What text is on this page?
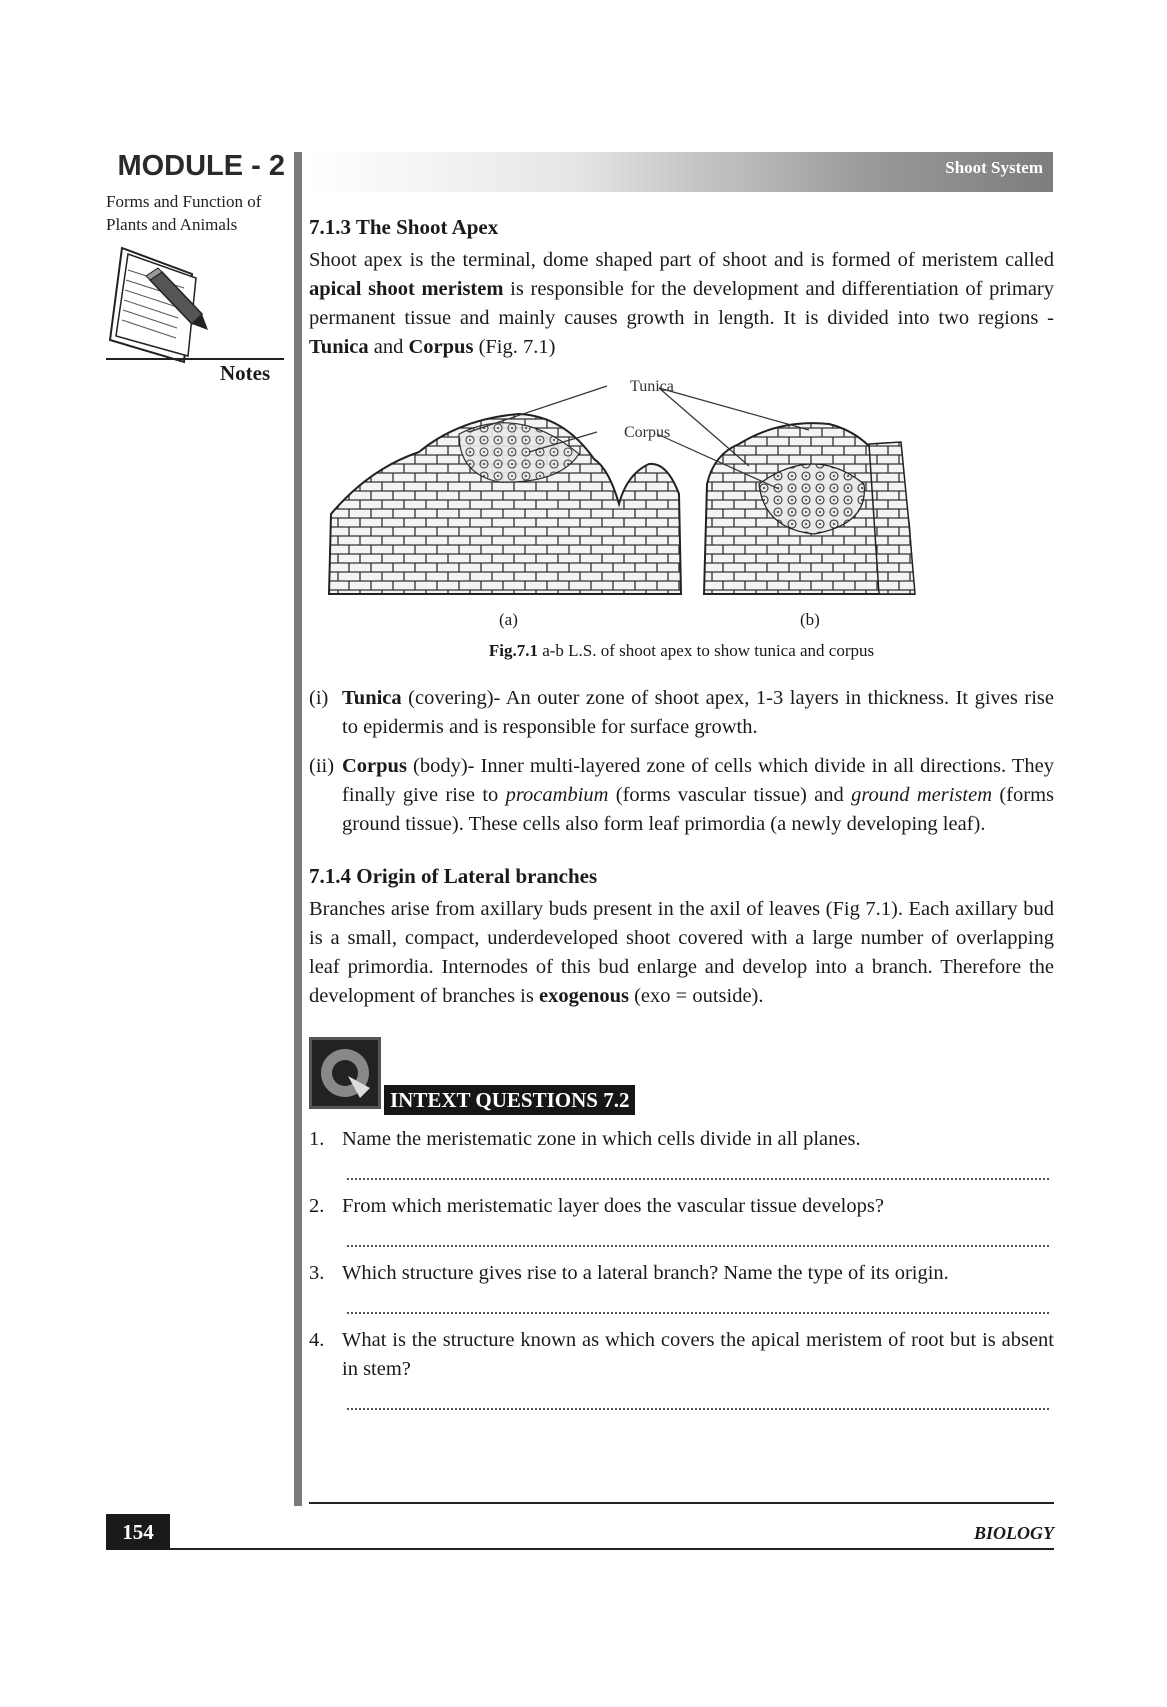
MODULE - 2
Forms and Function of
Plants and Animals
Notes
Shoot System
7.1.3 The Shoot Apex

Shoot apex is the terminal, dome shaped part of shoot and is formed of meristem called apical shoot meristem is responsible for the development and differentiation of primary permanent tissue and mainly causes growth in length. It is divided into two regions - Tunica and Corpus (Fig. 7.1)

Tunica
Corpus
(a)	(b)
Fig.7.1 a-b L.S. of shoot apex to show tunica and corpus
(i) Tunica (covering)- An outer zone of shoot apex, 1-3 layers in thickness. It gives rise to epidermis and is responsible for surface growth.
(ii) Corpus (body)- Inner multi-layered zone of cells which divide in all directions. They finally give rise to procambium (forms vascular tissue) and ground meristem (forms ground tissue). These cells also form leaf primordia (a newly developing leaf).
7.1.4 Origin of Lateral branches

Branches arise from axillary buds present in the axil of leaves (Fig 7.1). Each axillary bud is a small, compact, underdeveloped shoot covered with a large number of overlapping leaf primordia. Internodes of this bud enlarge and develop into a branch. Therefore the development of branches is exogenous (exo = outside).

INTEXT QUESTIONS 7.2
1. Name the meristematic zone in which cells divide in all planes.
2. From which meristematic layer does the vascular tissue develops?
3. Which structure gives rise to a lateral branch? Name the type of its origin.
4. What is the structure known as which covers the apical meristem of root but is absent in stem?
154	BIOLOGY
